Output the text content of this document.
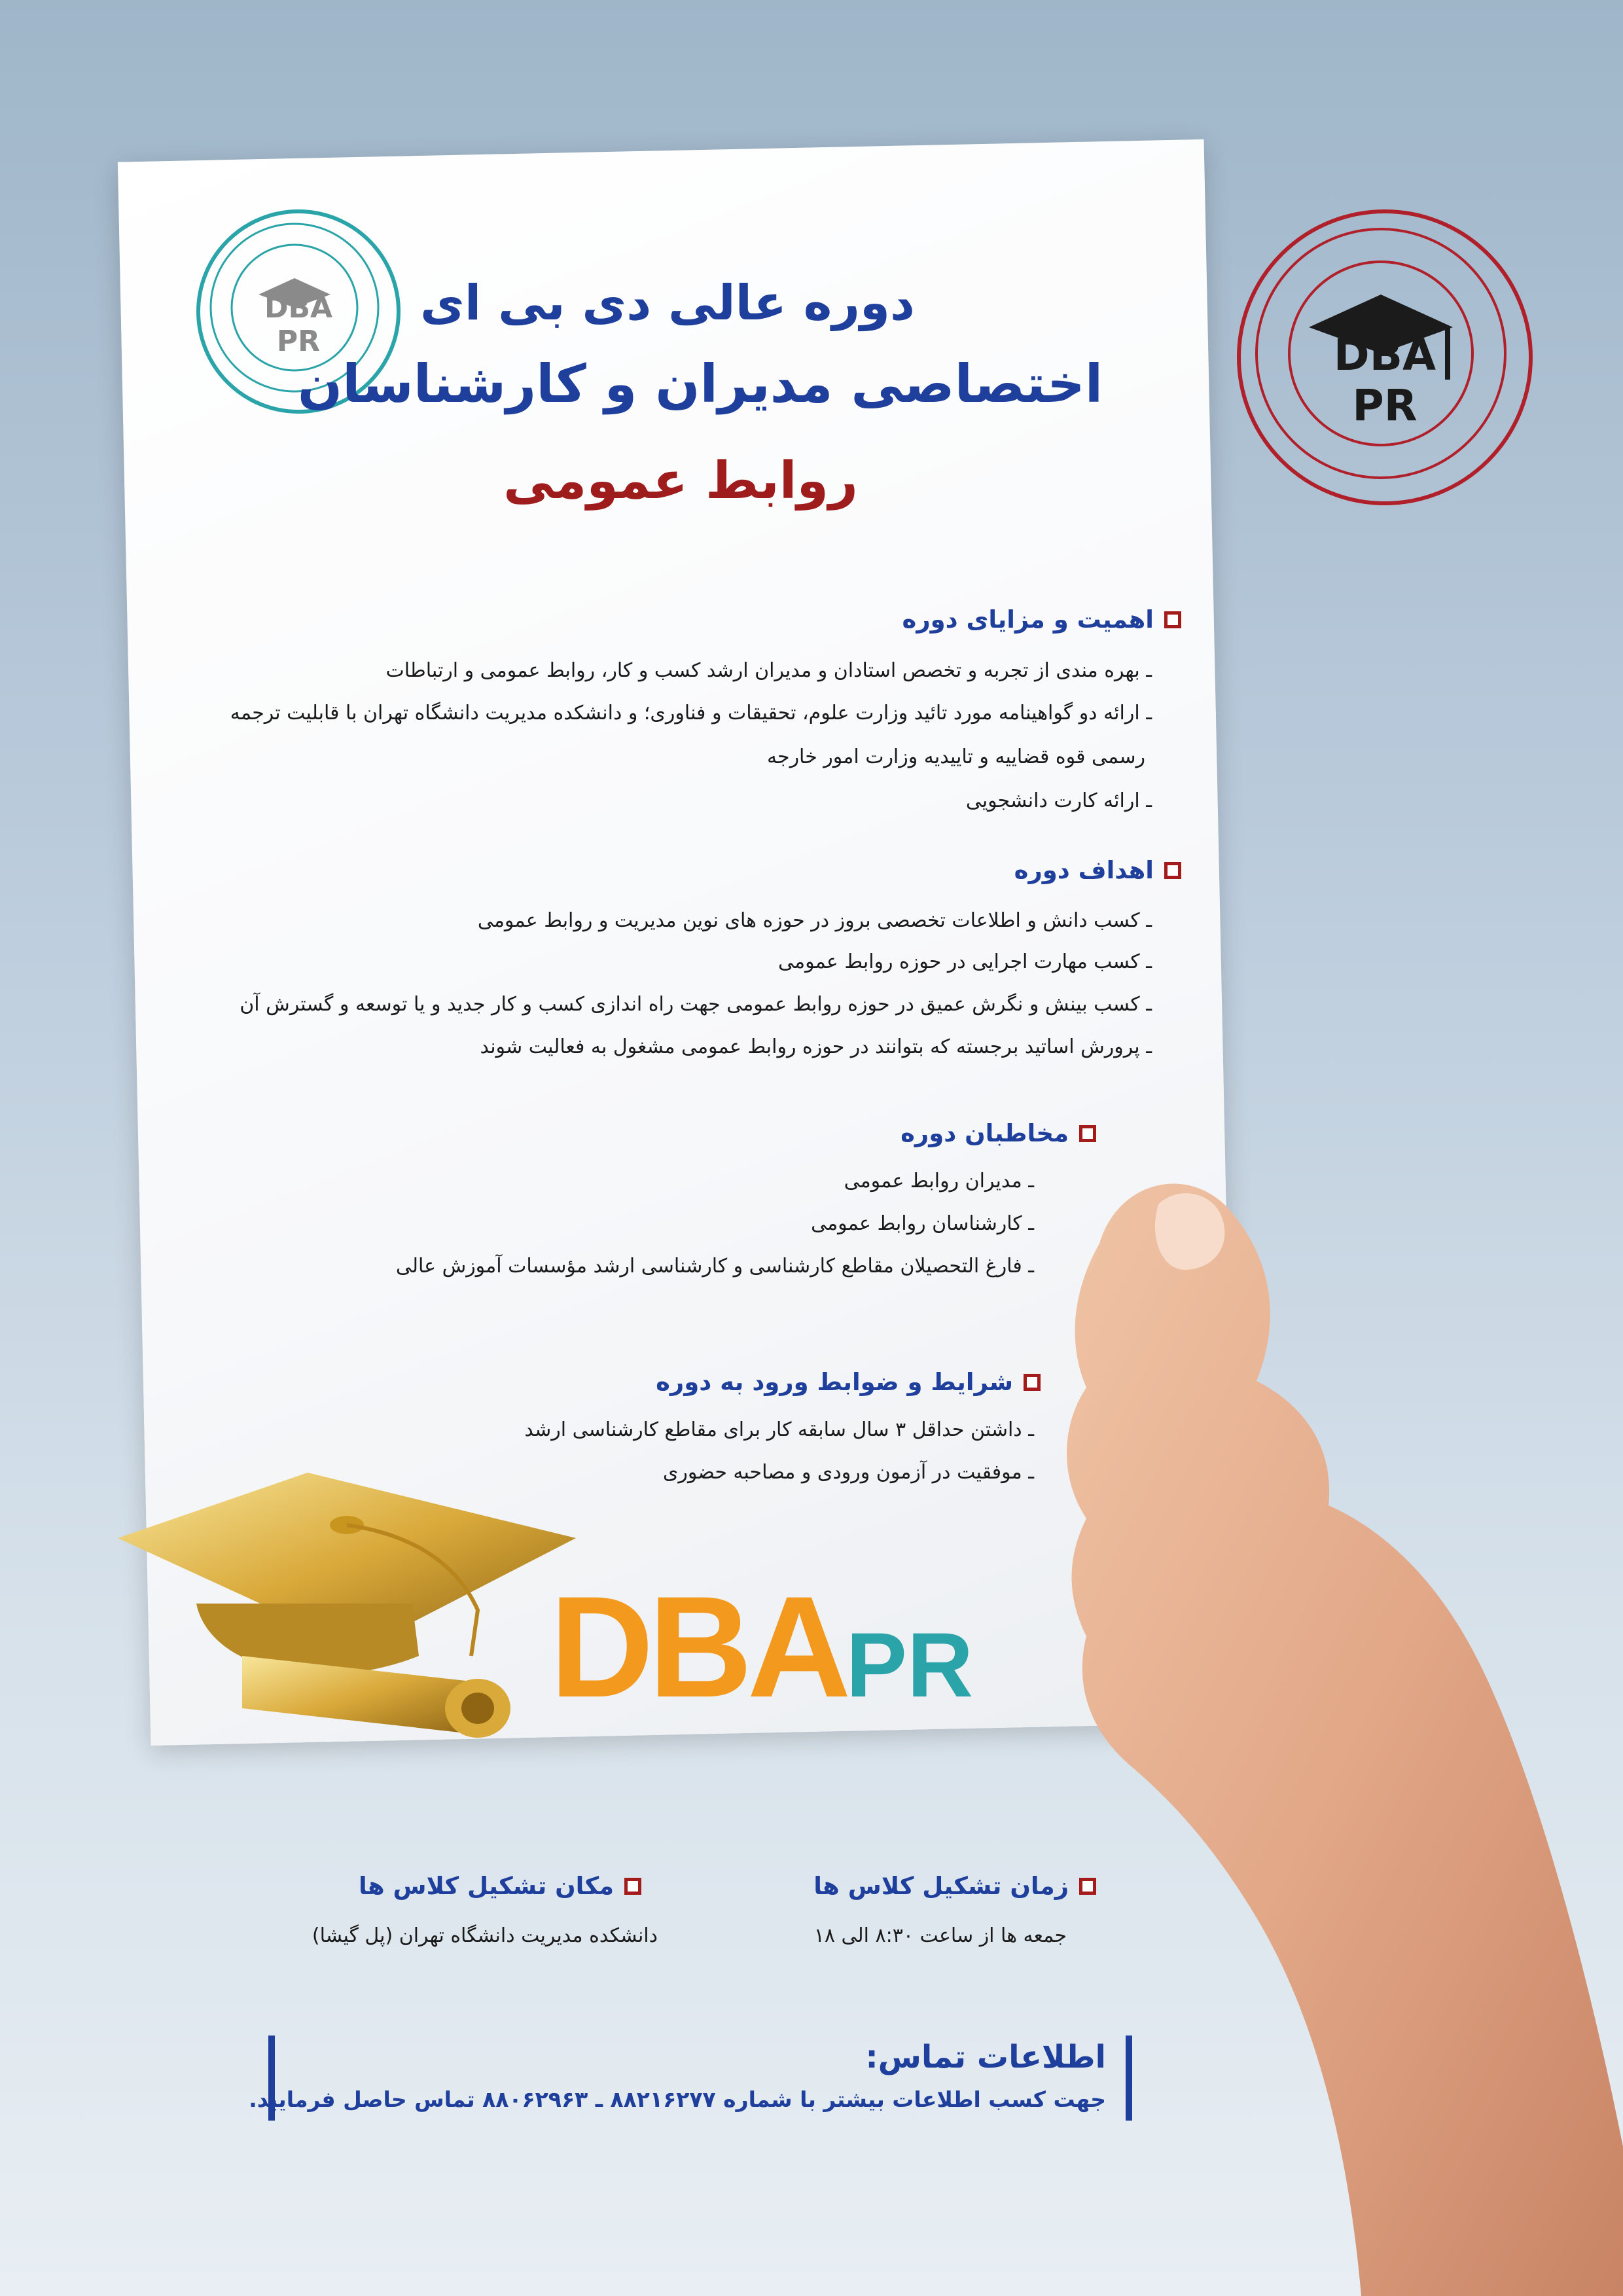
DBA
PR	DBA
PR
دوره عالی دی بی ای
اختصاصی مدیران و کارشناسان
روابط عمومی
اهمیت و مزایای دوره
ـ بهره مندی از تجربه و تخصص استادان و مدیران ارشد کسب و کار، روابط عمومی و ارتباطات
ـ ارائه دو گواهینامه مورد تائید وزارت علوم، تحقیقات و فناوری؛ و دانشکده مدیریت دانشگاه تهران با قابلیت ترجمه
رسمی قوه قضاییه و تاییدیه وزارت امور خارجه
ـ ارائه کارت دانشجویی
اهداف دوره
ـ کسب دانش و اطلاعات تخصصی بروز در حوزه های نوین مدیریت و روابط عمومی
ـ کسب مهارت اجرایی در حوزه روابط عمومی
ـ کسب بینش و نگرش عمیق در حوزه روابط عمومی جهت راه اندازی کسب و کار جدید و یا توسعه و گسترش آن
ـ پرورش اساتید برجسته که بتوانند در حوزه روابط عمومی مشغول به فعالیت شوند
مخاطبان دوره
ـ مدیران روابط عمومی
ـ کارشناسان روابط عمومی
ـ فارغ التحصیلان مقاطع کارشناسی و کارشناسی ارشد مؤسسات آموزش عالی
شرایط و ضوابط ورود به دوره
ـ داشتن حداقل ۳ سال سابقه کار برای مقاطع کارشناسی ارشد
ـ موفقیت در آزمون ورودی و مصاحبه حضوری
DBAPR
زمان تشکیل کلاس ها
جمعه ها از ساعت ۸:۳۰ الی ۱۸
مکان تشکیل کلاس ها
دانشکده مدیریت دانشگاه تهران (پل گیشا)
اطلاعات تماس:
جهت کسب اطلاعات بیشتر با شماره ۸۸۲۱۶۲۷۷ ـ ۸۸۰۶۲۹۶۳ تماس حاصل فرمایید.
